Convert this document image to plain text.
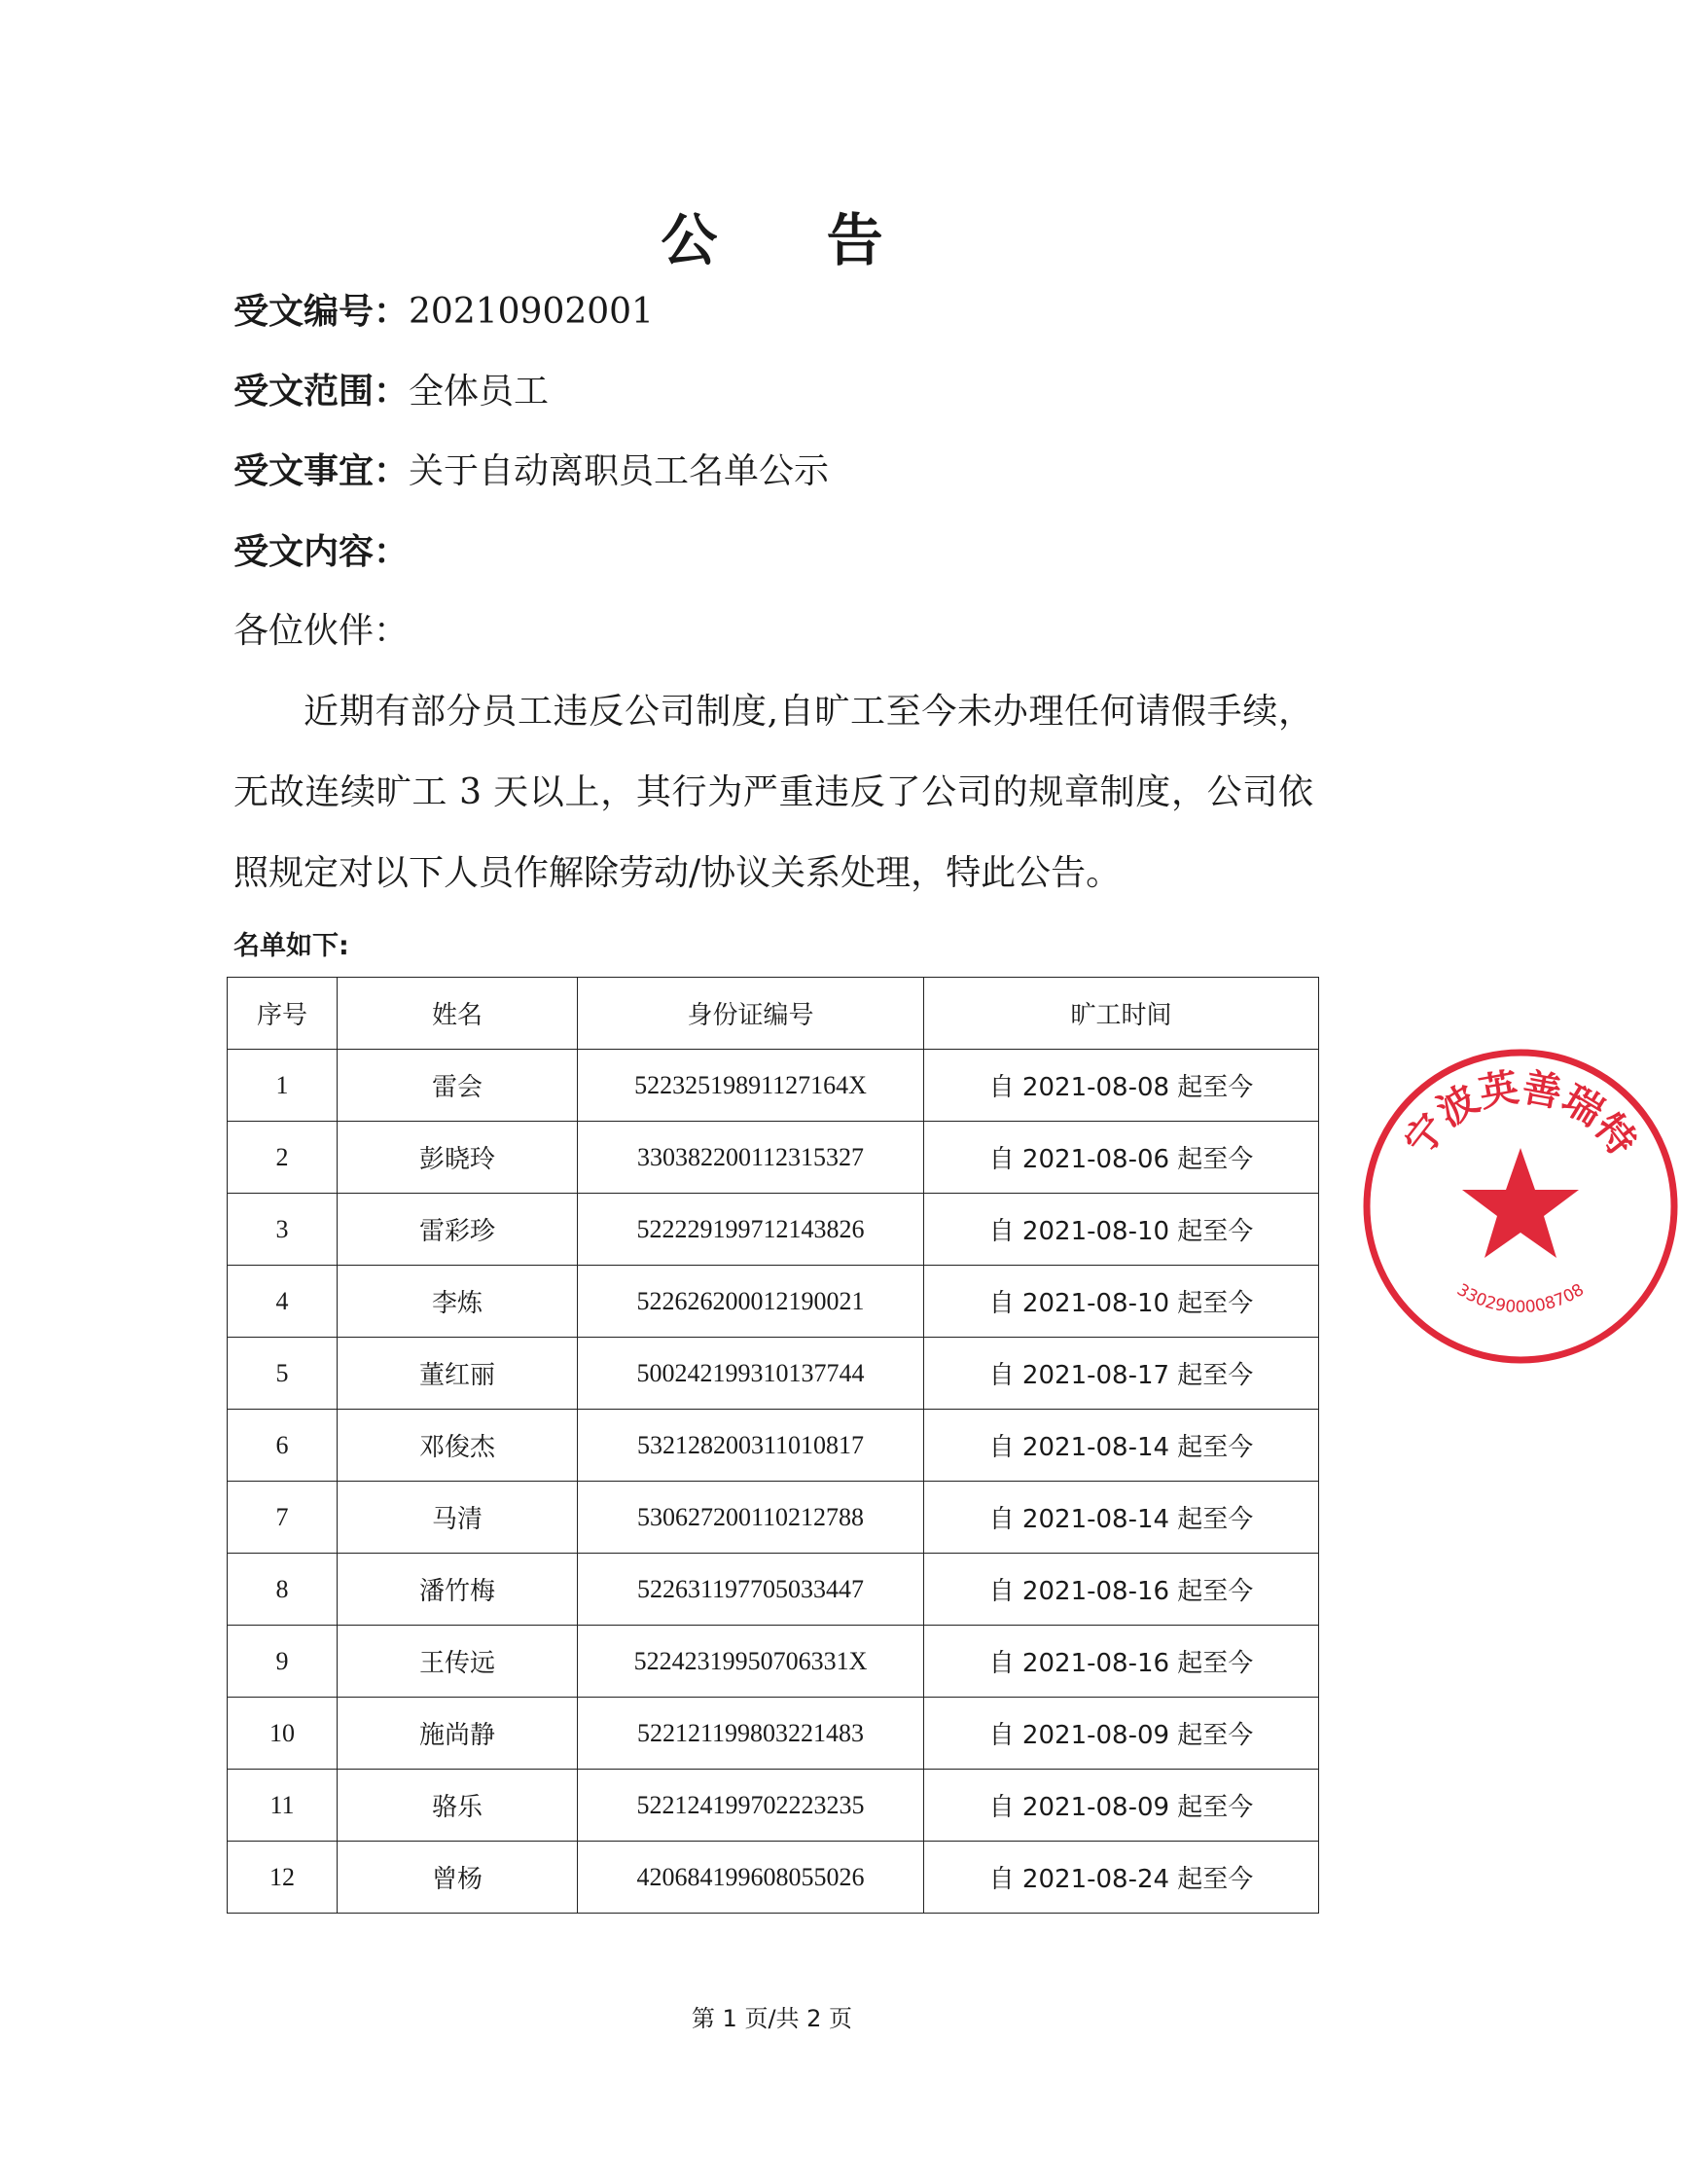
公 告
受文编号：20210902001
受文范围：全体员工
受文事宜：关于自动离职员工名单公示
受文内容：
各位伙伴：

近期有部分员工违反公司制度,自旷工至今未办理任何请假手续，无故连续旷工 3 天以上，其行为严重违反了公司的规章制度，公司依照规定对以下人员作解除劳动/协议关系处理，特此公告。

名单如下:
序号	姓名	身份证编号	旷工时间
1	雷会	52232519891127164X	自 2021-08-08 起至今
2	彭晓玲	330382200112315327	自 2021-08-06 起至今
3	雷彩珍	522229199712143826	自 2021-08-10 起至今
4	李炼	522626200012190021	自 2021-08-10 起至今
5	董红丽	500242199310137744	自 2021-08-17 起至今
6	邓俊杰	532128200311010817	自 2021-08-14 起至今
7	马清	530627200110212788	自 2021-08-14 起至今
8	潘竹梅	522631197705033447	自 2021-08-16 起至今
9	王传远	52242319950706331X	自 2021-08-16 起至今
10	施尚静	522121199803221483	自 2021-08-09 起至今
11	骆乐	522124199702223235	自 2021-08-09 起至今
12	曾杨	420684199608055026	自 2021-08-24 起至今
宁波英善瑞特
3302900008708
第 1 页/共 2 页
